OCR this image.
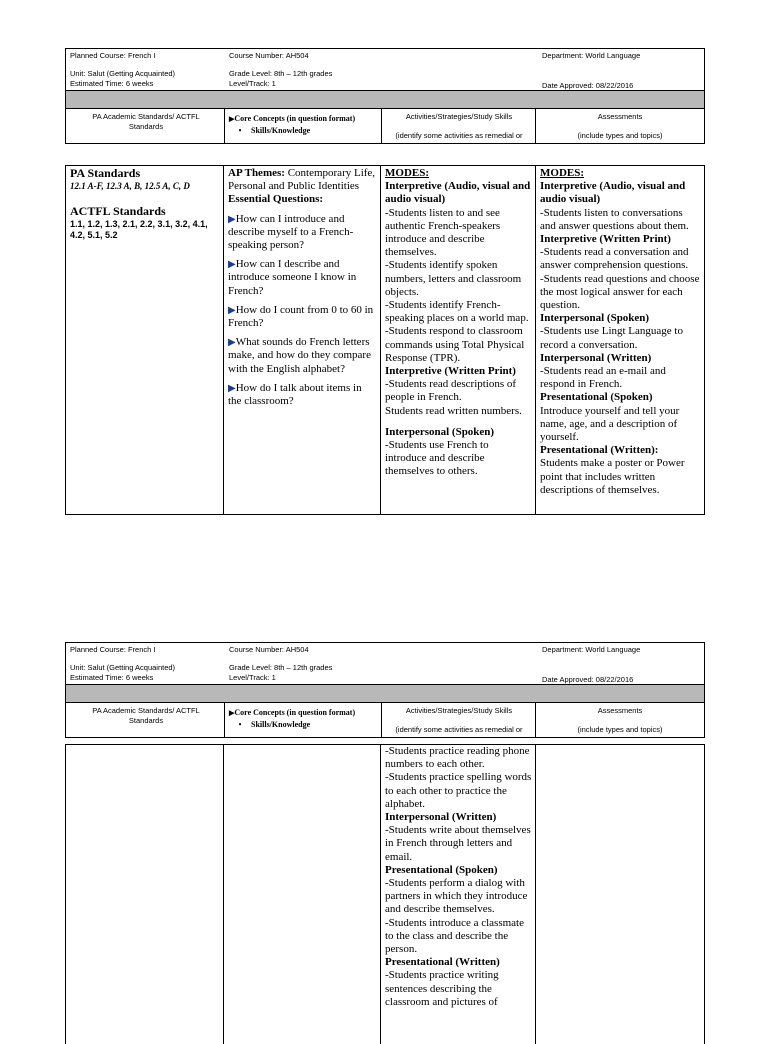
Planned Course: French I
Unit: Salut (Getting Acquainted)
Estimated Time: 6 weeks
Course Number: AH504
Grade Level: 8th – 12th grades
Level/Track: 1
Department: World Language
Date Approved: 08/22/2016
PA Academic Standards/ ACTFL Standards
▶Core Concepts (in question format)
• Skills/Knowledge
Activities/Strategies/Study Skills
(identify some activities as remedial or
Assessments
(include types and topics)
PA Standards
12.1 A-F, 12.3 A, B, 12.5 A, C, D
ACTFL Standards
1.1, 1.2, 1.3, 2.1, 2.2, 3.1, 3.2, 4.1, 4.2, 5.1, 5.2
AP Themes: Contemporary Life, Personal and Public Identities
Essential Questions:
▶How can I introduce and describe myself to a French-speaking person?
▶How can I describe and introduce someone I know in French?
▶How do I count from 0 to 60 in French?
▶What sounds do French letters make, and how do they compare with the English alphabet?
▶How do I talk about items in the classroom?
MODES:
Interpretive (Audio, visual and audio visual)
-Students listen to and see authentic French-speakers introduce and describe themselves.
-Students identify spoken numbers, letters and classroom objects.
-Students identify French-speaking places on a world map.
-Students respond to classroom commands using Total Physical Response (TPR).
Interpretive (Written Print)
-Students read descriptions of people in French.
Students read written numbers.
Interpersonal (Spoken)
-Students use French to introduce and describe themselves to others.
MODES:
Interpretive (Audio, visual and audio visual)
-Students listen to conversations and answer questions about them.
Interpretive (Written Print)
-Students read a conversation and answer comprehension questions.
-Students read questions and choose the most logical answer for each question.
Interpersonal (Spoken)
-Students use Lingt Language to record a conversation.
Interpersonal (Written)
-Students read an e-mail and respond in French.
Presentational (Spoken)
Introduce yourself and tell your name, age, and a description of yourself.
Presentational (Written):
Students make a poster or Power point that includes written descriptions of themselves.
Planned Course: French I
Unit: Salut (Getting Acquainted)
Estimated Time: 6 weeks
Course Number: AH504
Grade Level: 8th – 12th grades
Level/Track: 1
Department: World Language
Date Approved: 08/22/2016
PA Academic Standards/ ACTFL Standards
▶Core Concepts (in question format)
• Skills/Knowledge
Activities/Strategies/Study Skills
(identify some activities as remedial or
Assessments
(include types and topics)
-Students practice reading phone numbers to each other.
-Students practice spelling words to each other to practice the alphabet.
Interpersonal (Written)
-Students write about themselves in French through letters and email.
Presentational (Spoken)
-Students perform a dialog with partners in which they introduce and describe themselves.
-Students introduce a classmate to the class and describe the person.
Presentational (Written)
-Students practice writing sentences describing the classroom and pictures of
